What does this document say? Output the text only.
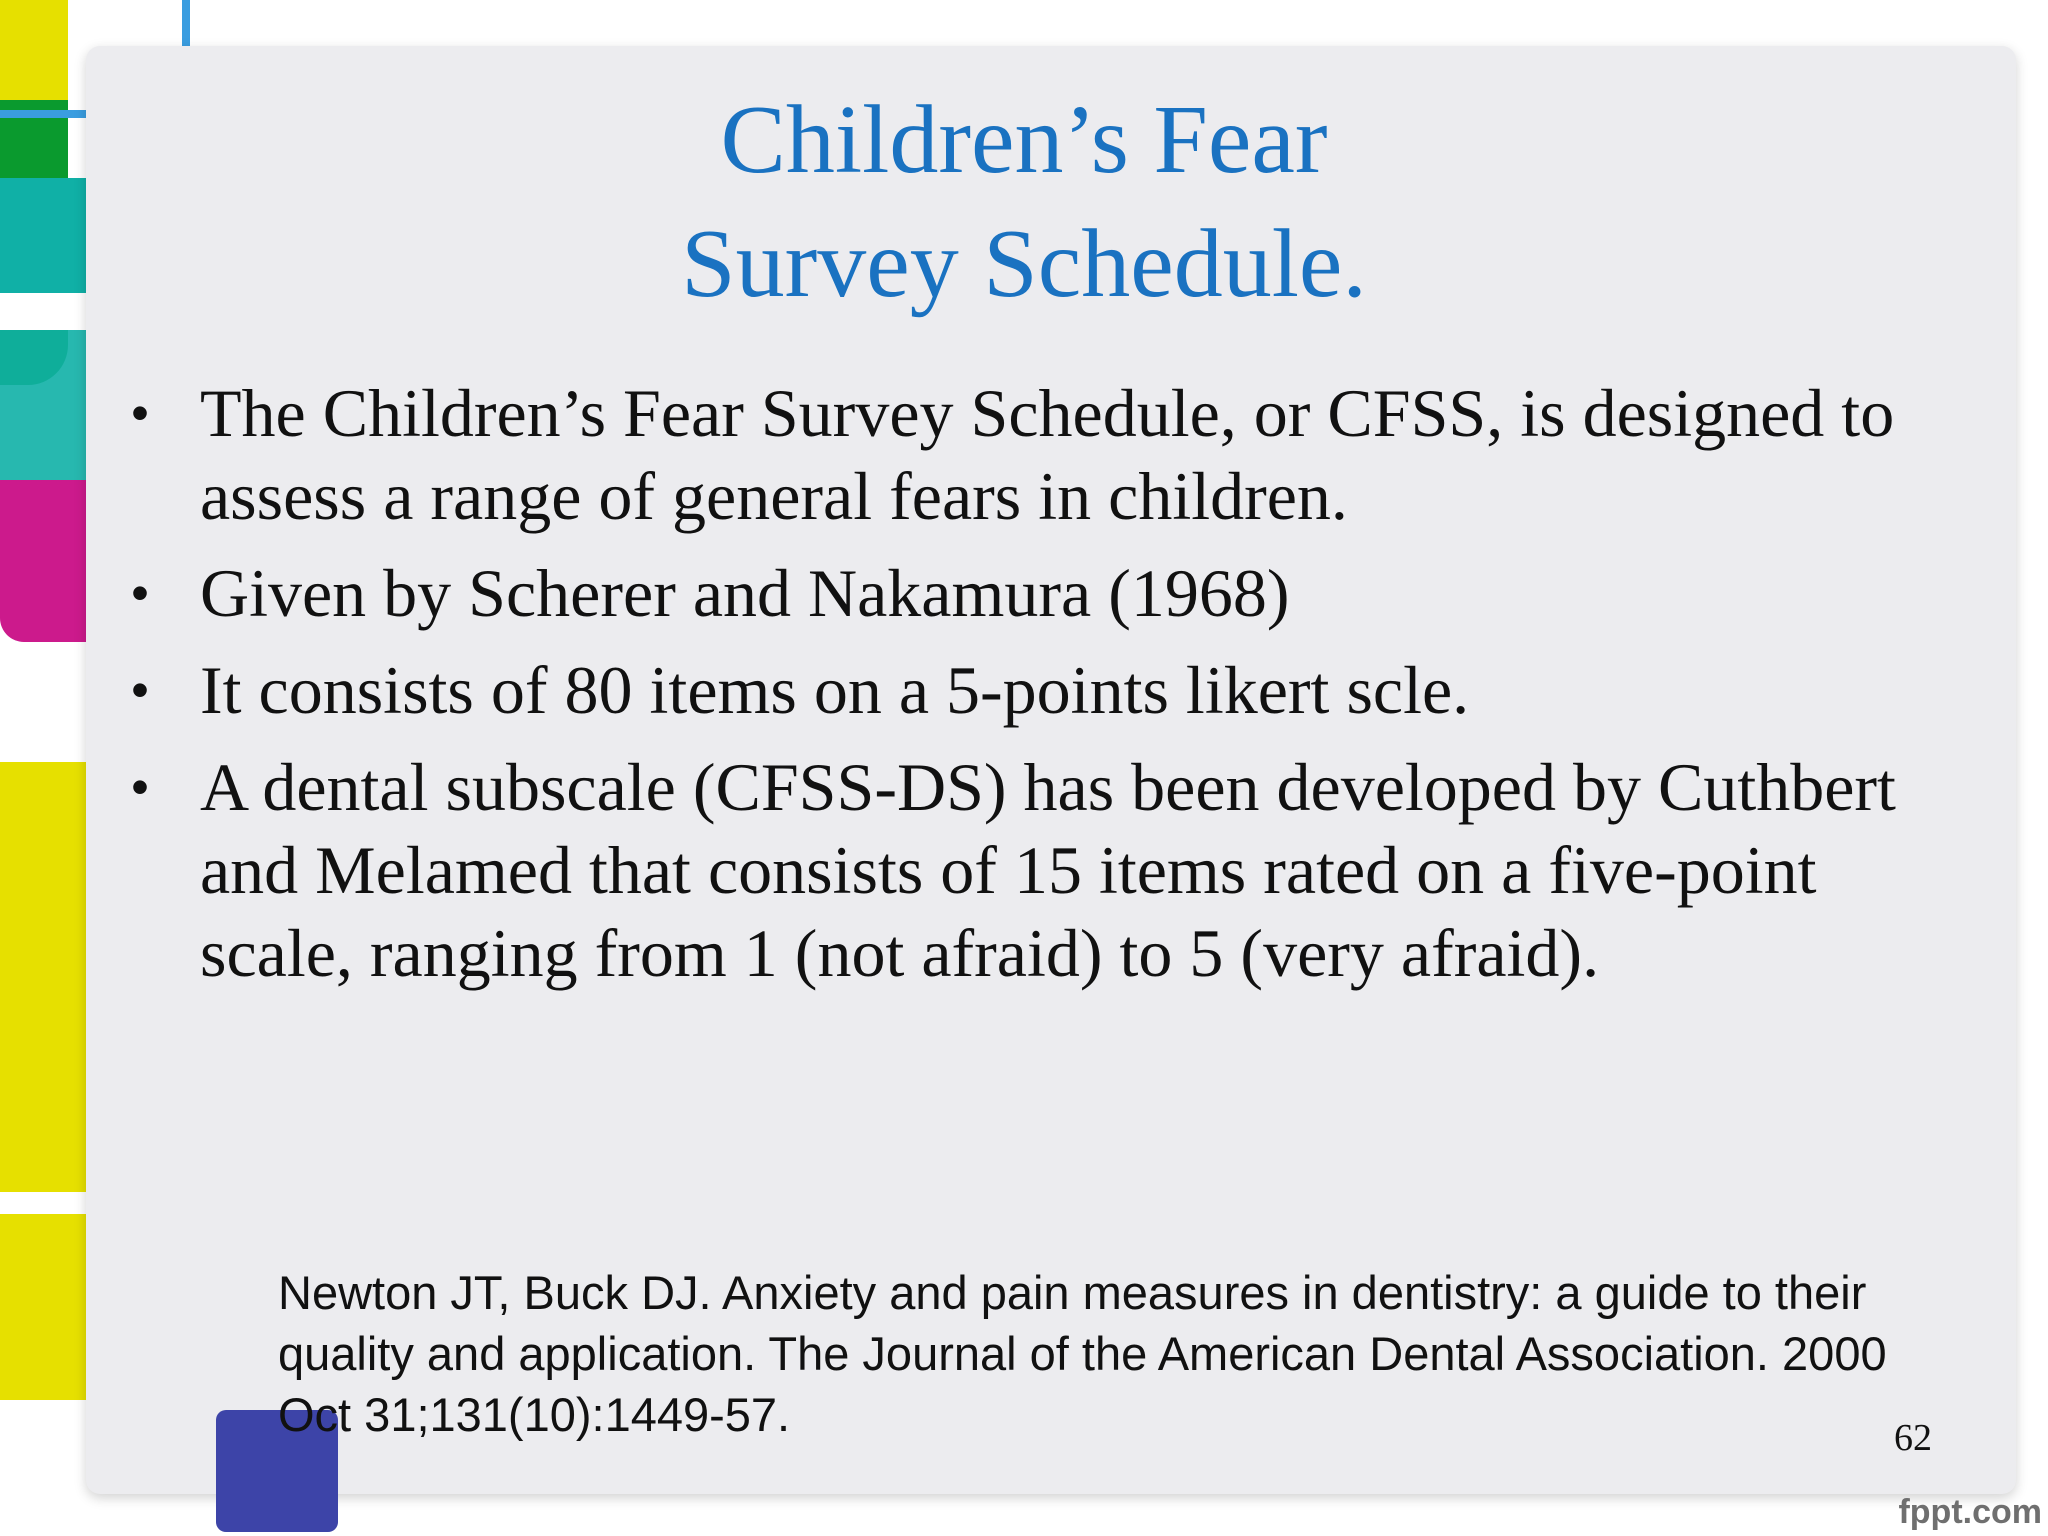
Children’s Fear
Survey Schedule.
• The Children’s Fear Survey Schedule, or CFSS, is designed to assess a range of general fears in children.
• Given by Scherer and Nakamura (1968)
• It consists of 80 items on a 5-points likert scle.
• A dental subscale (CFSS-DS) has been developed by Cuthbert and Melamed that consists of 15 items rated on a five-point scale, ranging from 1 (not afraid) to 5 (very afraid).
Newton JT, Buck DJ. Anxiety and pain measures in dentistry: a guide to their quality and application. The Journal of the American Dental Association. 2000 Oct 31;131(10):1449-57.	62
fppt.com
